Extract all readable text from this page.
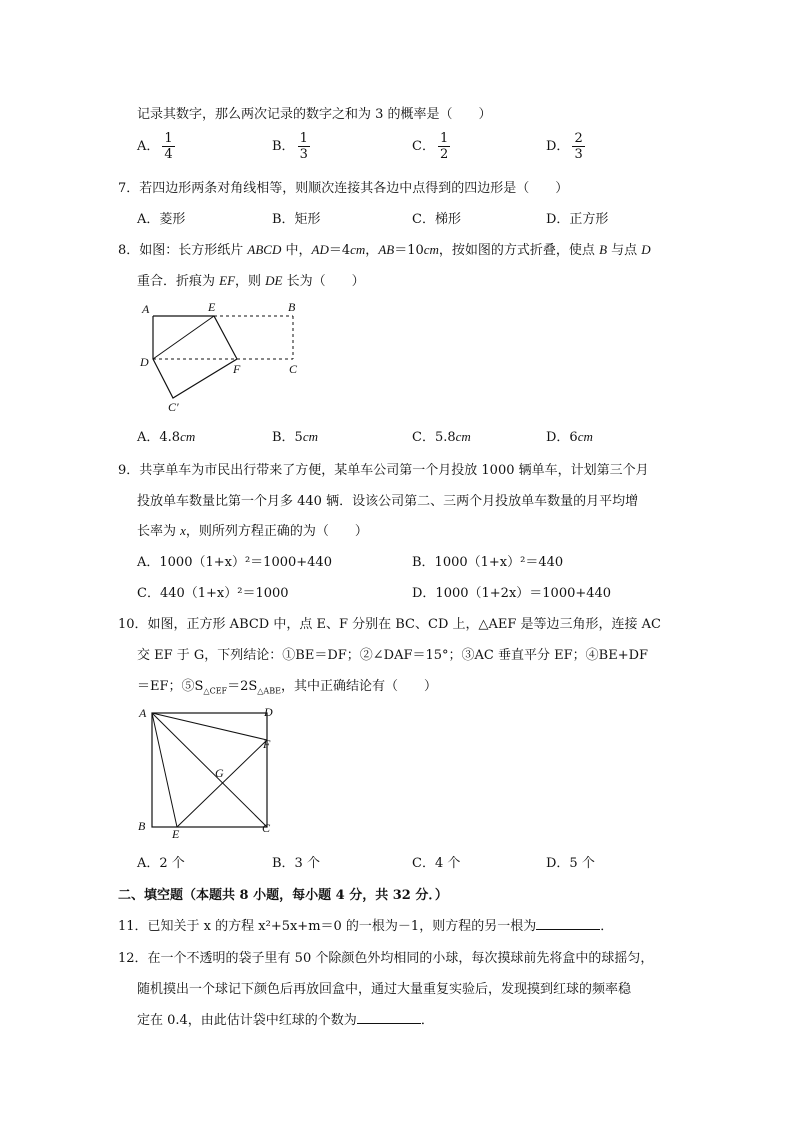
记录其数字，那么两次记录的数字之和为 3 的概率是（　　）
A． $\frac{1}{4}$	B． $\frac{1}{3}$	C． $\frac{1}{2}$	D． $\frac{2}{3}$
7．若四边形两条对角线相等，则顺次连接其各边中点得到的四边形是（　　）
A．菱形	B．矩形	C．梯形	D．正方形
8．如图：长方形纸片 ABCD 中，AD＝4cm，AB＝10cm，按如图的方式折叠，使点 B 与点 D
重合．折痕为 EF，则 DE 长为（　　）
A	E	B
D	F	C
C′
A．4.8cm	B．5cm	C．5.8cm	D．6cm
9．共享单车为市民出行带来了方便，某单车公司第一个月投放 1000 辆单车，计划第三个月
投放单车数量比第一个月多 440 辆．设该公司第二、三两个月投放单车数量的月平均增
长率为 x，则所列方程正确的为（　　）
A．1000（1+x）²＝1000+440	B．1000（1+x）²＝440
C．440（1+x）²＝1000	D．1000（1+2x）＝1000+440
10．如图，正方形 ABCD 中，点 E、F 分别在 BC、CD 上，△AEF 是等边三角形，连接 AC
交 EF 于 G，下列结论：①BE＝DF；②∠DAF＝15°；③AC 垂直平分 EF；④BE+DF
＝EF；$⑤S_{\triangle CEF}=2S_{\triangle ABE}$，其中正确结论有（　　）
A	D
F
G
B
E	C
A．2 个	B．3 个	C．4 个	D．5 个
二、填空题（本题共 8 小题，每小题 4 分，共 32 分．）
11．已知关于 x 的方程 x²+5x+m＝0 的一根为－1，则方程的另一根为	．
12．在一个不透明的袋子里有 50 个除颜色外均相同的小球，每次摸球前先将盒中的球摇匀，
随机摸出一个球记下颜色后再放回盒中，通过大量重复实验后，发现摸到红球的频率稳
定在 0.4，由此估计袋中红球的个数为	．
